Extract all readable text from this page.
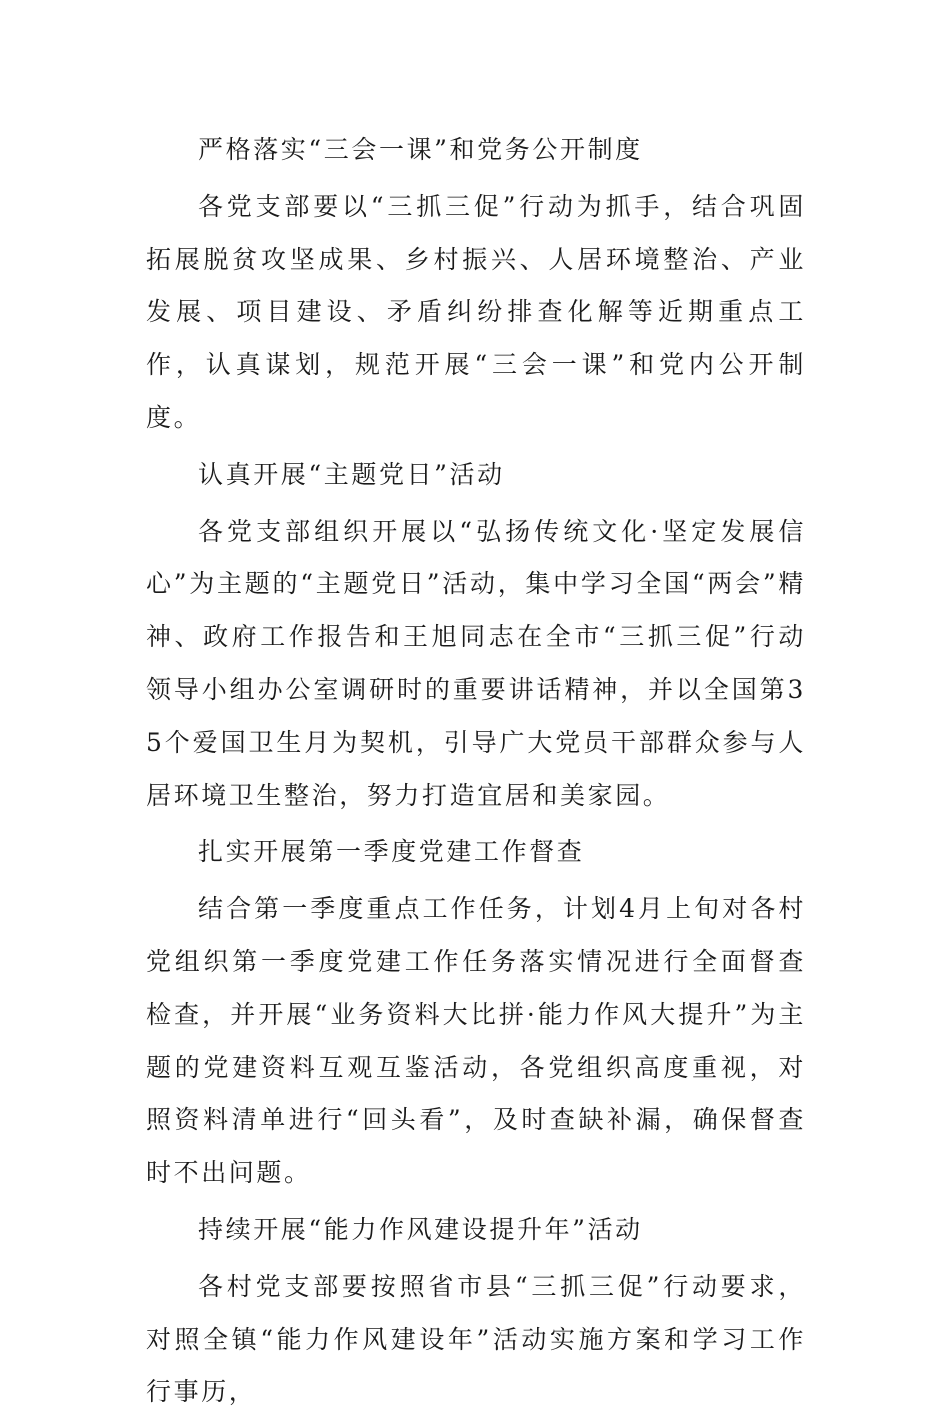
严格落实“三会一课”和党务公开制度

各党支部要以“三抓三促”行动为抓手，结合巩固拓展脱贫攻坚成果、乡村振兴、人居环境整治、产业发展、项目建设、矛盾纠纷排查化解等近期重点工作，认真谋划，规范开展“三会一课”和党内公开制度。

认真开展“主题党日”活动

各党支部组织开展以“弘扬传统文化·坚定发展信心”为主题的“主题党日”活动，集中学习全国“两会”精神、政府工作报告和王旭同志在全市“三抓三促”行动领导小组办公室调研时的重要讲话精神，并以全国第35个爱国卫生月为契机，引导广大党员干部群众参与人居环境卫生整治，努力打造宜居和美家园。

扎实开展第一季度党建工作督查

结合第一季度重点工作任务，计划4月上旬对各村党组织第一季度党建工作任务落实情况进行全面督查检查，并开展“业务资料大比拼·能力作风大提升”为主题的党建资料互观互鉴活动，各党组织高度重视，对照资料清单进行“回头看”，及时查缺补漏，确保督查时不出问题。

持续开展“能力作风建设提升年”活动

各村党支部要按照省市县“三抓三促”行动要求，对照全镇“能力作风建设年”活动实施方案和学习工作行事历，
